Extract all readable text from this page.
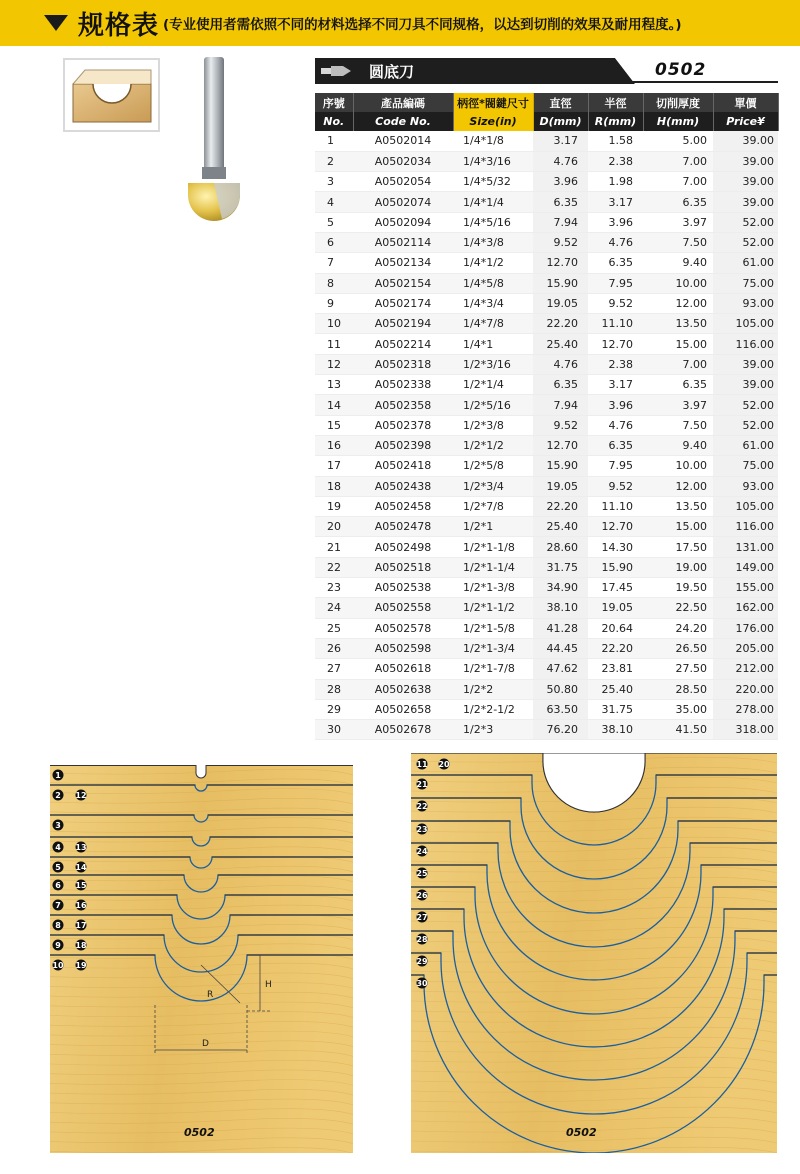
规格表 (专业使用者需依照不同的材料选择不同刀具不同规格，以达到切削的效果及耐用程度。)
圆底刀	0502
序號	產品編碼	柄徑*閥鍵尺寸	直徑	半徑	切削厚度	單價
No.	Code No.	Size(in)	D(mm)	R(mm)	H(mm)	Price¥
1	A0502014	1/4*1/8	3.17	1.58	5.00	39.00
2	A0502034	1/4*3/16	4.76	2.38	7.00	39.00
3	A0502054	1/4*5/32	3.96	1.98	7.00	39.00
4	A0502074	1/4*1/4	6.35	3.17	6.35	39.00
5	A0502094	1/4*5/16	7.94	3.96	3.97	52.00
6	A0502114	1/4*3/8	9.52	4.76	7.50	52.00
7	A0502134	1/4*1/2	12.70	6.35	9.40	61.00
8	A0502154	1/4*5/8	15.90	7.95	10.00	75.00
9	A0502174	1/4*3/4	19.05	9.52	12.00	93.00
10	A0502194	1/4*7/8	22.20	11.10	13.50	105.00
11	A0502214	1/4*1	25.40	12.70	15.00	116.00
12	A0502318	1/2*3/16	4.76	2.38	7.00	39.00
13	A0502338	1/2*1/4	6.35	3.17	6.35	39.00
14	A0502358	1/2*5/16	7.94	3.96	3.97	52.00
15	A0502378	1/2*3/8	9.52	4.76	7.50	52.00
16	A0502398	1/2*1/2	12.70	6.35	9.40	61.00
17	A0502418	1/2*5/8	15.90	7.95	10.00	75.00
18	A0502438	1/2*3/4	19.05	9.52	12.00	93.00
19	A0502458	1/2*7/8	22.20	11.10	13.50	105.00
20	A0502478	1/2*1	25.40	12.70	15.00	116.00
21	A0502498	1/2*1-1/8	28.60	14.30	17.50	131.00
22	A0502518	1/2*1-1/4	31.75	15.90	19.00	149.00
23	A0502538	1/2*1-3/8	34.90	17.45	19.50	155.00
24	A0502558	1/2*1-1/2	38.10	19.05	22.50	162.00
25	A0502578	1/2*1-5/8	41.28	20.64	24.20	176.00
26	A0502598	1/2*1-3/4	44.45	22.20	26.50	205.00
27	A0502618	1/2*1-7/8	47.62	23.81	27.50	212.00
28	A0502638	1/2*2	50.80	25.40	28.50	220.00
29	A0502658	1/2*2-1/2	63.50	31.75	35.00	278.00
30	A0502678	1/2*3	76.20	38.10	41.50	318.00
1
2 12
3
4 13
5 14
6 15
7 16
8 17
9 18
10 19
D
H
R
11 20
21
22
23
24
25
26
27
28
29
30
0502	0502
